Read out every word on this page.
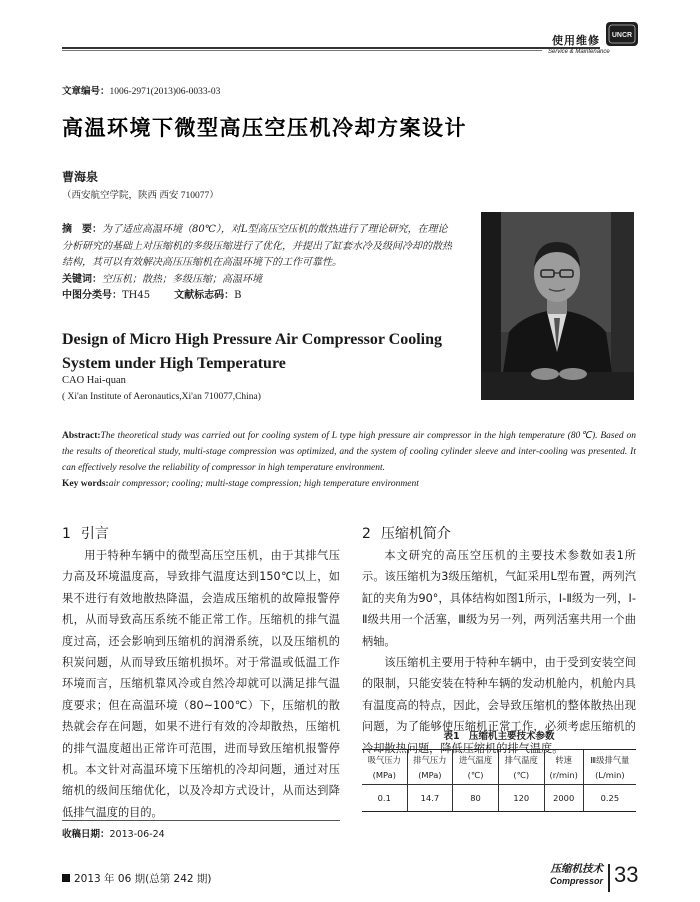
使用维修
Service & Maintenance
UNCR
文章编号：1006-2971(2013)06-0033-03
高温环境下微型高压空压机冷却方案设计
曹海泉
（西安航空学院，陕西 西安 710077）
摘　要：为了适应高温环境（80℃），对L型高压空压机的散热进行了理论研究，在理论分析研究的基础上对压缩机的多级压缩进行了优化，并提出了缸套水冷及级间冷却的散热结构，其可以有效解决高压压缩机在高温环境下的工作可靠性。
关键词：空压机；散热；多级压缩；高温环境
中图分类号：TH45 文献标志码：B
Design of Micro High Pressure Air Compressor Cooling System under High Temperature
CAO Hai-quan
( Xi'an Institute of Aeronautics,Xi'an 710077,China)
Abstract:The theoretical study was carried out for cooling system of L type high pressure air compressor in the high temperature (80℃). Based on the results of theoretical study, multi-stage compression was optimized, and the system of cooling cylinder sleeve and inter-cooling was presented. It can effectively resolve the reliability of compressor in high temperature environment.
Key words:air compressor; cooling; multi-stage compression; high temperature environment
1 引言

用于特种车辆中的微型高压空压机，由于其排气压力高及环境温度高，导致排气温度达到150℃以上，如果不进行有效地散热降温，会造成压缩机的故障报警停机，从而导致高压系统不能正常工作。压缩机的排气温度过高，还会影响到压缩机的润滑系统，以及压缩机的积炭问题，从而导致压缩机损坏。对于常温或低温工作环境而言，压缩机靠风冷或自然冷却就可以满足排气温度要求；但在高温环境（80~100℃）下，压缩机的散热就会存在问题，如果不进行有效的冷却散热，压缩机的排气温度超出正常许可范围，进而导致压缩机报警停机。本文针对高温环境下压缩机的冷却问题，通过对压缩机的级间压缩优化，以及冷却方式设计，从而达到降低排气温度的目的。

2 压缩机简介

本文研究的高压空压机的主要技术参数如表1所示。该压缩机为3级压缩机，气缸采用L型布置，两列汽缸的夹角为90°，具体结构如图1所示，Ⅰ-Ⅱ级为一列，Ⅰ-Ⅱ级共用一个活塞，Ⅲ级为另一列，两列活塞共用一个曲柄轴。

该压缩机主要用于特种车辆中，由于受到安装空间的限制，只能安装在特种车辆的发动机舱内，机舱内具有温度高的特点，因此，会导致压缩机的整体散热出现问题，为了能够使压缩机正常工作，必须考虑压缩机的冷却散热问题，降低压缩机的排气温度。

表1　压缩机主要技术参数
吸气压力	排气压力	进气温度	排气温度	转速	Ⅲ级排气量
(MPa)	(MPa)	(℃)	(℃)	(r/min)	(L/min)
0.1	14.7	80	120	2000	0.25
收稿日期：2013-06-24
2013 年 06 期(总第 242 期)
压缩机技术
Compressor 33
